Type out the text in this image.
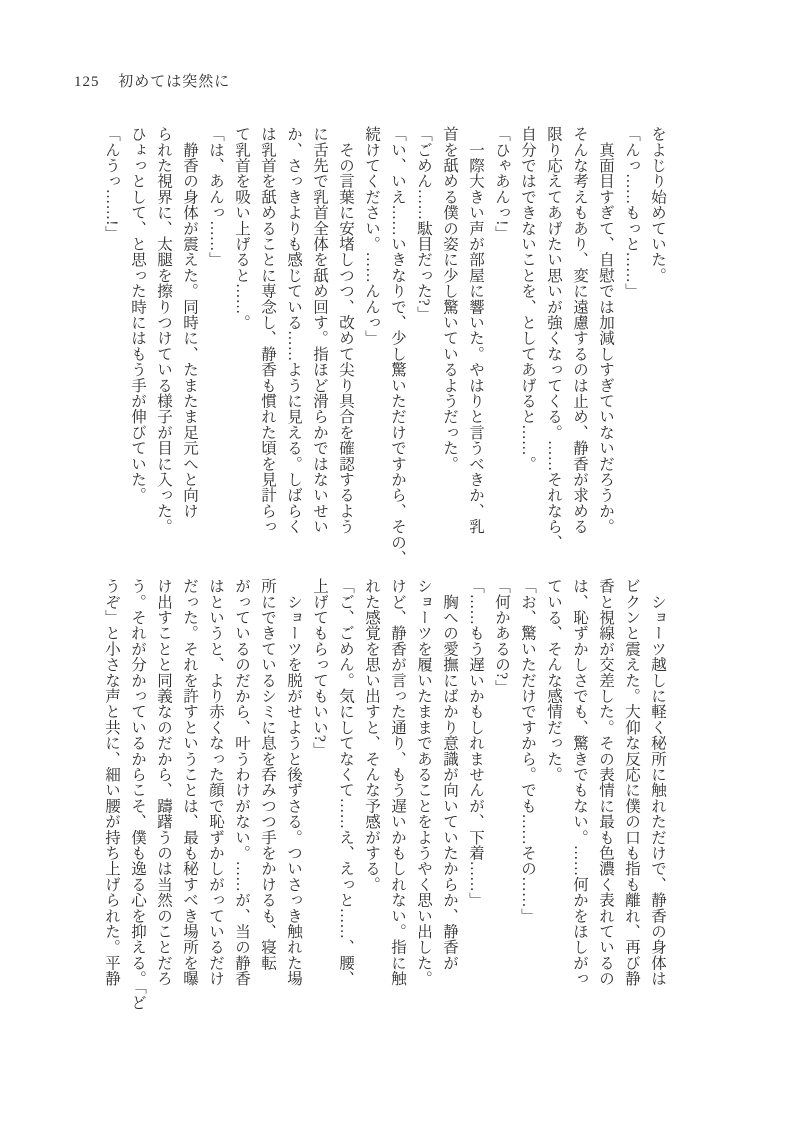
125 初めては突然に
をよじり始めていた。
「んっ……もっと……」
　真面目すぎて、自慰では加減しすぎていないだろうか。
そんな考えもあり、変に遠慮するのは止め、静香が求める
限り応えてあげたい思いが強くなってくる。……それなら、
自分ではできないことを、としてあげると……。
「ひゃあんっ!」
　一際大きい声が部屋に響いた。やはりと言うべきか、乳
首を舐める僕の姿に少し驚いているようだった。
「ごめん……駄目だった?」
「い、いえ……いきなりで、少し驚いただけですから、その、
続けてください。……んんっ」
　その言葉に安堵しつつ、改めて尖り具合を確認するよう
に舌先で乳首全体を舐め回す。指ほど滑らかではないせい
か、さっきよりも感じている……ように見える。しばらく
は乳首を舐めることに専念し、静香も慣れた頃を見計らっ
て乳首を吸い上げると……。
「は、あんっ……」
　静香の身体が震えた。同時に、たまたま足元へと向け
られた視界に、太腿を擦りつけている様子が目に入った。
ひょっとして、と思った時にはもう手が伸びていた。
「んうっ……!」
　ショーツ越しに軽く秘所に触れただけで、静香の身体は
ビクンと震えた。大仰な反応に僕の口も指も離れ、再び静
香と視線が交差した。その表情に最も色濃く表れているの
は、恥ずかしさでも、驚きでもない。……何かをほしがっ
ている、そんな感情だった。
「お、驚いただけですから。でも……その……」
「何かあるの?」
「……もう遅いかもしれませんが、下着……」
　胸への愛撫にばかり意識が向いていたからか、静香が
ショーツを履いたままであることをようやく思い出した。
けど、静香が言った通り、もう遅いかもしれない。指に触
れた感覚を思い出すと、そんな予感がする。
「ご、ごめん。気にしてなくて……え、えっと……、腰、
上げてもらってもいい?」
　ショーツを脱がせようと後ずさる。ついさっき触れた場
所にできているシミに息を呑みつつ手をかけるも、寝転
がっているのだから、叶うわけがない。……が、当の静香
はというと、より赤くなった顔で恥ずかしがっているだけ
だった。それを許すということは、最も秘すべき場所を曝
け出すことと同義なのだから、躊躇うのは当然のことだろ
う。それが分かっているからこそ、僕も逸る心を抑える。「ど
うぞ」と小さな声と共に、細い腰が持ち上げられた。平静
